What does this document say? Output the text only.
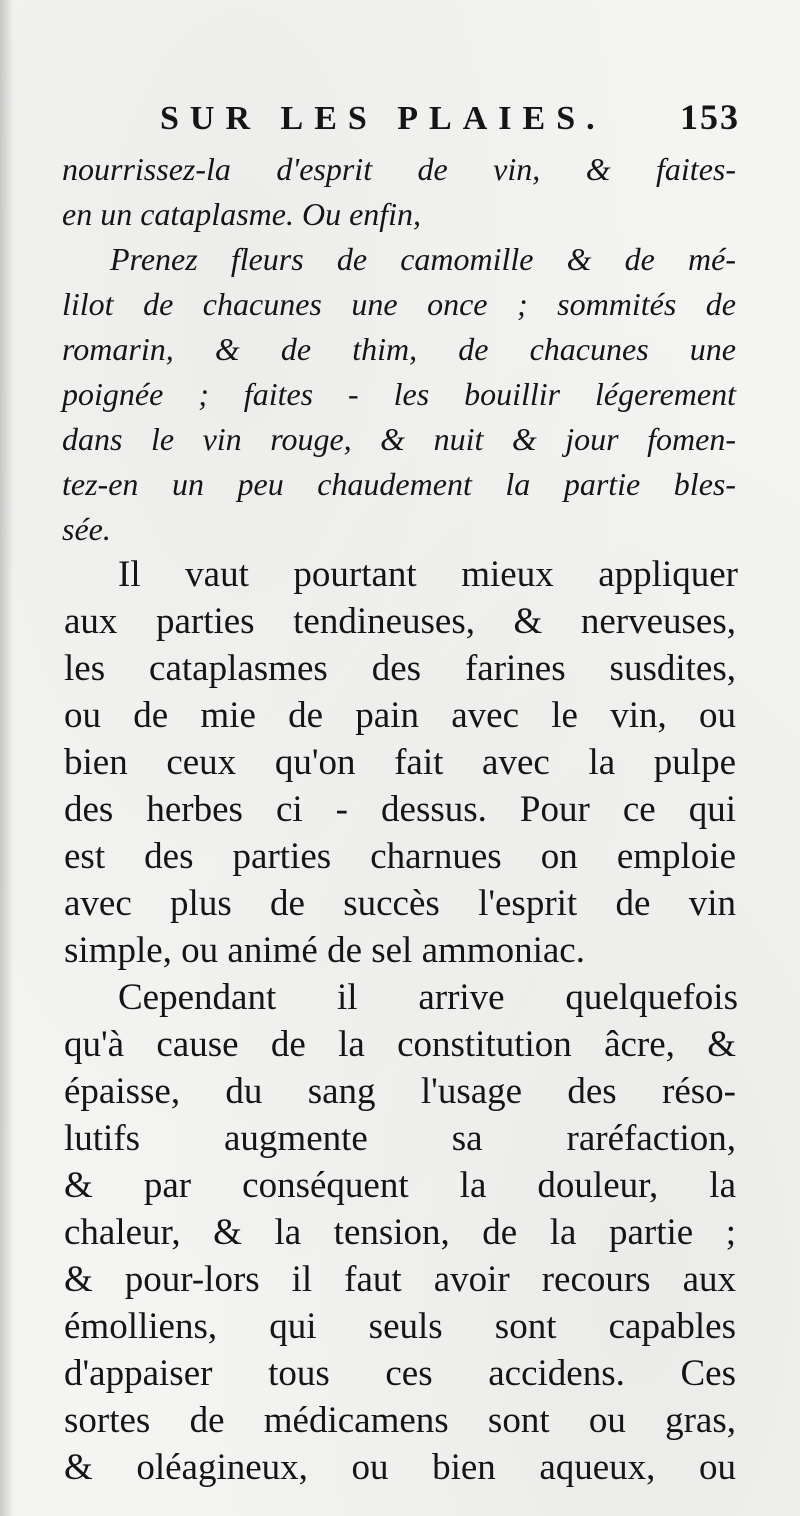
SUR LES PLAIES. 153
nourrissez-la d'esprit de vin, & faites-
en un cataplasme. Ou enfin,
Prenez fleurs de camomille & de mé-
lilot de chacunes une once ; sommités de
romarin, & de thim, de chacunes une
poignée ; faites - les bouillir légerement
dans le vin rouge, & nuit & jour fomen-
tez-en un peu chaudement la partie bles-
sée.
Il vaut pourtant mieux appliquer
aux parties tendineuses, & nerveuses,
les cataplasmes des farines susdites,
ou de mie de pain avec le vin, ou
bien ceux qu'on fait avec la pulpe
des herbes ci - dessus. Pour ce qui
est des parties charnues on emploie
avec plus de succès l'esprit de vin
simple, ou animé de sel ammoniac.
Cependant il arrive quelquefois
qu'à cause de la constitution âcre, &
épaisse, du sang l'usage des réso-
lutifs augmente sa raréfaction,
& par conséquent la douleur, la
chaleur, & la tension, de la partie ;
& pour-lors il faut avoir recours aux
émolliens, qui seuls sont capables
d'appaiser tous ces accidens. Ces
sortes de médicamens sont ou gras,
& oléagineux, ou bien aqueux, ou
